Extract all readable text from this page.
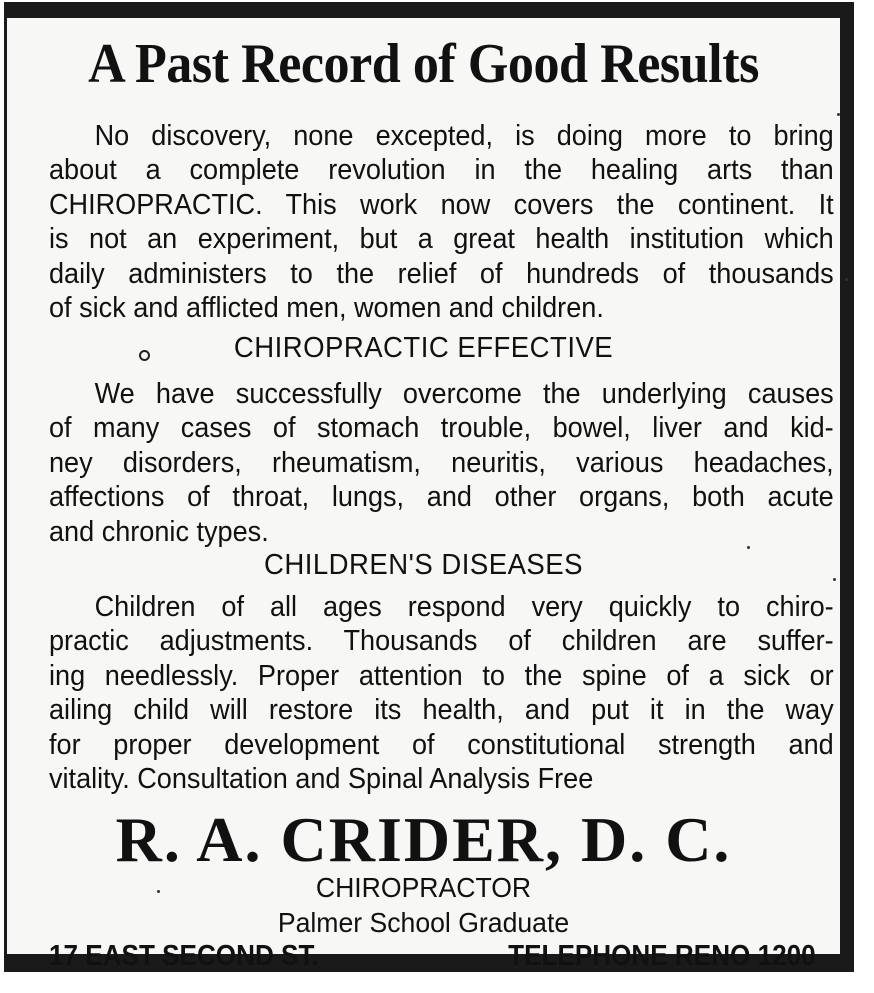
A Past Record of Good Results
No discovery, none excepted, is doing more to bring
about a complete revolution in the healing arts than
CHIROPRACTIC. This work now covers the continent. It
is not an experiment, but a great health institution which
daily administers to the relief of hundreds of thousands
of sick and afflicted men, women and children.
CHIROPRACTIC EFFECTIVE
We have successfully overcome the underlying causes
of many cases of stomach trouble, bowel, liver and kid-
ney disorders, rheumatism, neuritis, various headaches,
affections of throat, lungs, and other organs, both acute
and chronic types.
CHILDREN'S DISEASES
Children of all ages respond very quickly to chiro-
practic adjustments. Thousands of children are suffer-
ing needlessly. Proper attention to the spine of a sick or
ailing child will restore its health, and put it in the way
for proper development of constitutional strength and
vitality. Consultation and Spinal Analysis Free
R. A. CRIDER, D. C.
CHIROPRACTOR
Palmer School Graduate
17 EAST SECOND ST.	TELEPHONE RENO 1200
